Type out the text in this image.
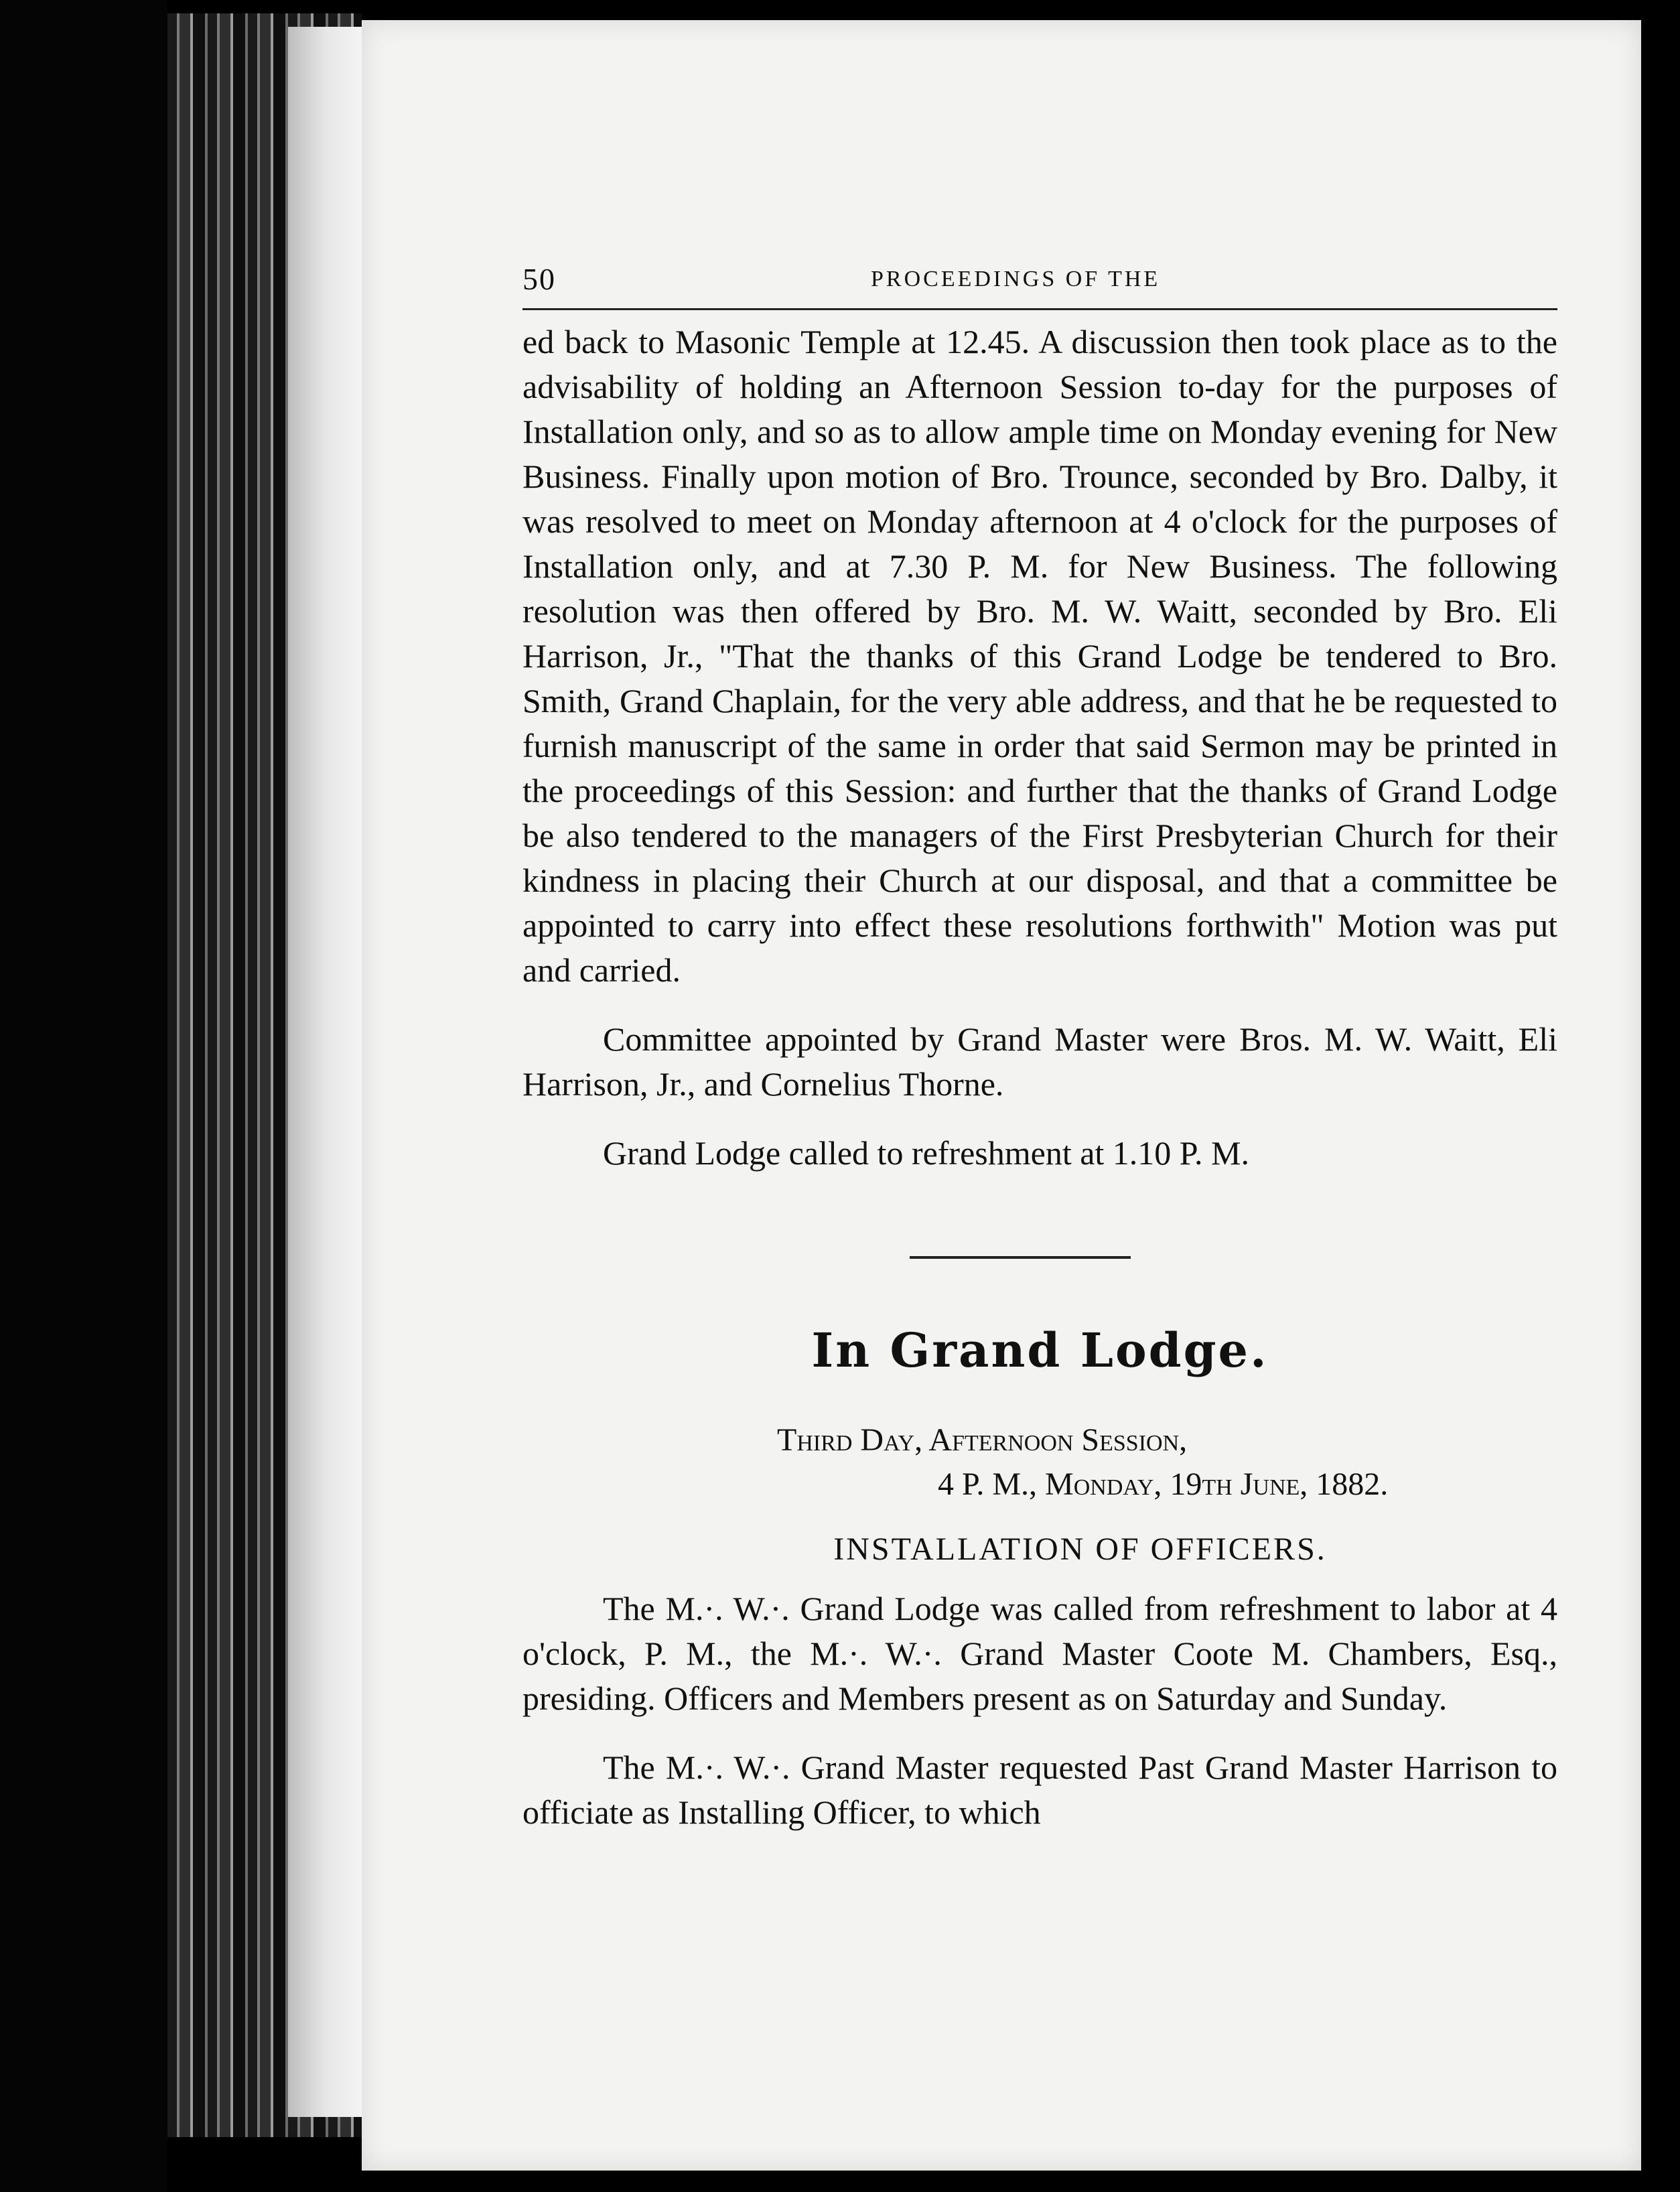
50	PROCEEDINGS OF THE

ed back to Masonic Temple at 12.45. A discussion then took place as to the advisability of holding an Afternoon Session to-day for the purposes of Installation only, and so as to allow ample time on Monday evening for New Business. Finally upon motion of Bro. Trounce, seconded by Bro. Dalby, it was resolved to meet on Monday afternoon at 4 o'clock for the purposes of Installation only, and at 7.30 P. M. for New Business. The following resolution was then offered by Bro. M. W. Waitt, seconded by Bro. Eli Harrison, Jr., "That the thanks of this Grand Lodge be tendered to Bro. Smith, Grand Chaplain, for the very able address, and that he be requested to furnish manuscript of the same in order that said Sermon may be printed in the proceedings of this Session: and further that the thanks of Grand Lodge be also tendered to the managers of the First Presbyterian Church for their kindness in placing their Church at our disposal, and that a committee be appointed to carry into effect these resolutions forthwith" Motion was put and carried.

Committee appointed by Grand Master were Bros. M. W. Waitt, Eli Harrison, Jr., and Cornelius Thorne.

Grand Lodge called to refreshment at 1.10 P. M.

In Grand Lodge.
Third Day, Afternoon Session,
4 P. M., Monday, 19th June, 1882.
INSTALLATION OF OFFICERS.

The M.·. W.·. Grand Lodge was called from refreshment to labor at 4 o'clock, P. M., the M.·. W.·. Grand Master Coote M. Chambers, Esq., presiding. Officers and Members present as on Saturday and Sunday.

The M.·. W.·. Grand Master requested Past Grand Master Harrison to officiate as Installing Officer, to which
